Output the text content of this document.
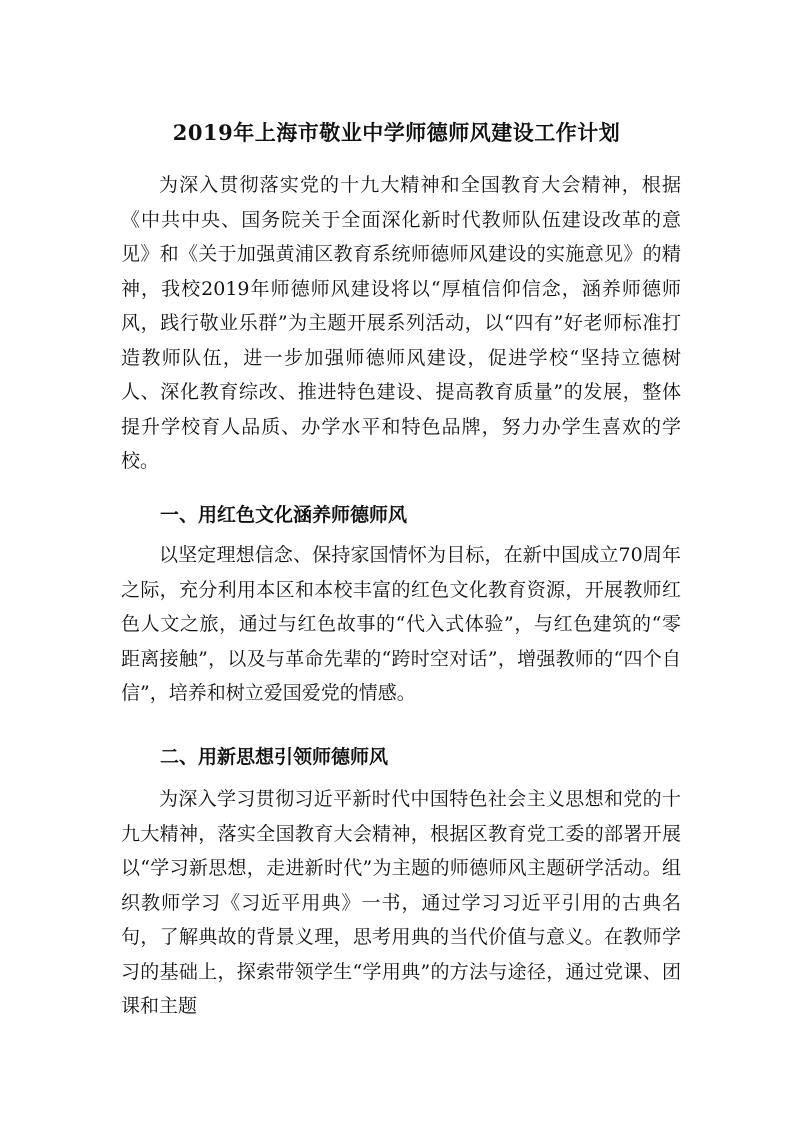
2019年上海市敬业中学师德师风建设工作计划

为深入贯彻落实党的十九大精神和全国教育大会精神，根据《中共中央、国务院关于全面深化新时代教师队伍建设改革的意见》和《关于加强黄浦区教育系统师德师风建设的实施意见》的精神，我校2019年师德师风建设将以“厚植信仰信念，涵养师德师风，践行敬业乐群”为主题开展系列活动，以“四有”好老师标准打造教师队伍，进一步加强师德师风建设，促进学校“坚持立德树人、深化教育综改、推进特色建设、提高教育质量”的发展，整体提升学校育人品质、办学水平和特色品牌，努力办学生喜欢的学校。

一、用红色文化涵养师德师风

以坚定理想信念、保持家国情怀为目标，在新中国成立70周年之际，充分利用本区和本校丰富的红色文化教育资源，开展教师红色人文之旅，通过与红色故事的“代入式体验”，与红色建筑的“零距离接触”，以及与革命先辈的“跨时空对话”，增强教师的“四个自信”，培养和树立爱国爱党的情感。

二、用新思想引领师德师风

为深入学习贯彻习近平新时代中国特色社会主义思想和党的十九大精神，落实全国教育大会精神，根据区教育党工委的部署开展以“学习新思想，走进新时代”为主题的师德师风主题研学活动。组织教师学习《习近平用典》一书，通过学习习近平引用的古典名句，了解典故的背景义理，思考用典的当代价值与意义。在教师学习的基础上，探索带领学生“学用典”的方法与途径，通过党课、团课和主题
